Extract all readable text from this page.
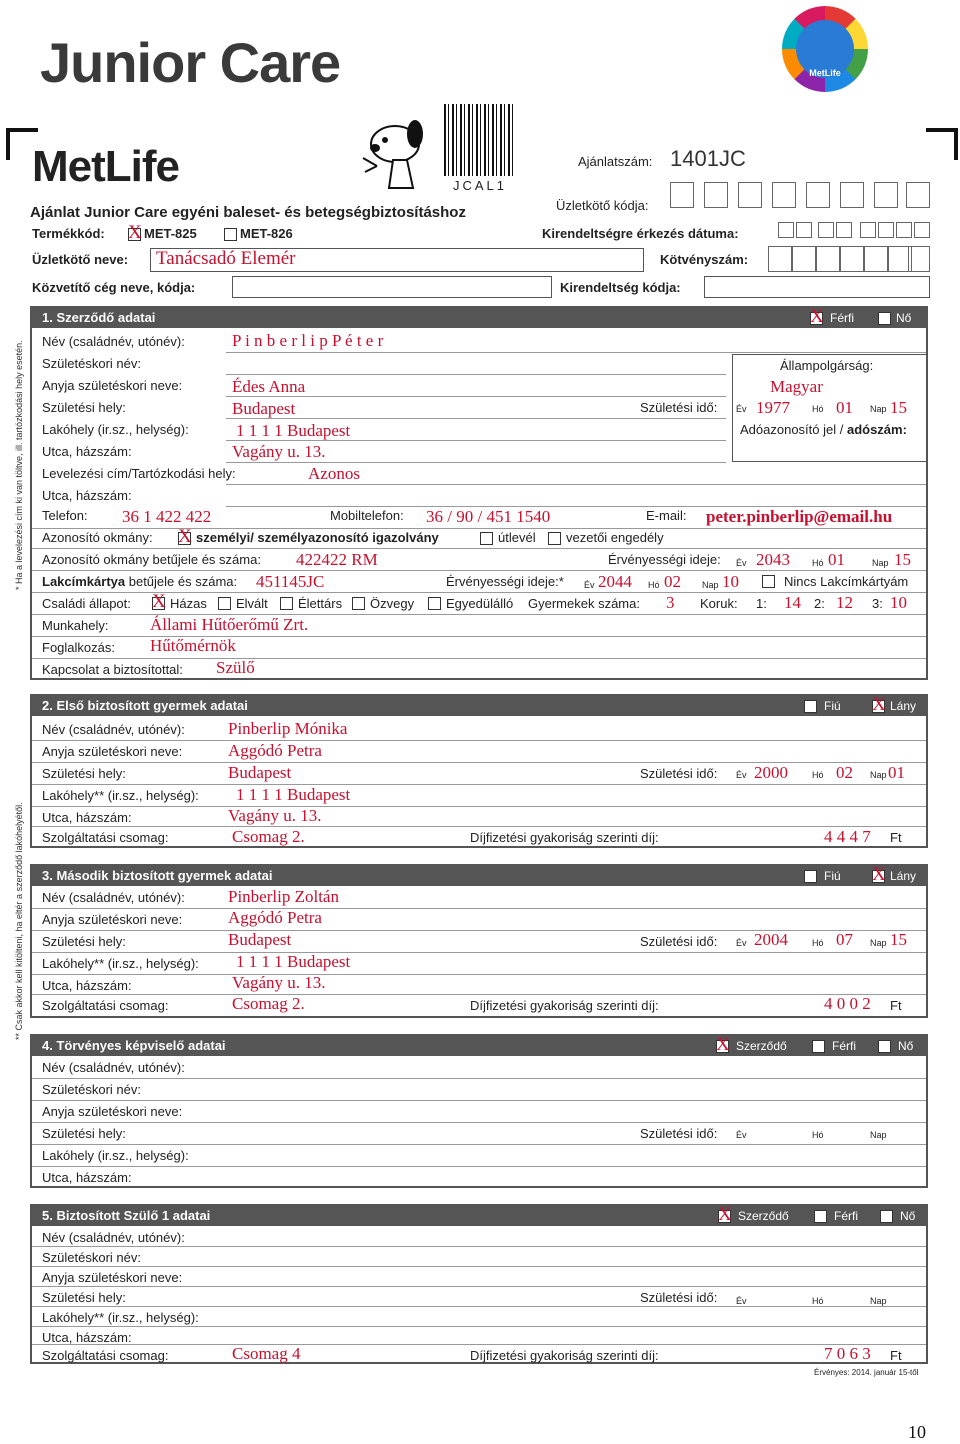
Junior Care	MetLife
MetLife	JCAL1
Ajánlatszám: 1401JC
Ajánlat Junior Care egyéni baleset- és betegségbiztosításhoz	Üzletkötő kódja:
Termékkód: X MET-825	MET-826	Kirendeltségre érkezés dátuma:
Üzletkötő neve: Tanácsadó Elemér	Kötvényszám:
Közvetítő cég neve, kódja:	Kirendeltség kódja:
* Ha a levelezési cím ki van töltve, ill. tartózkodási hely esetén.
** Csak akkor kell kitölteni, ha eltér a szerződő lakóhelyétől.
1. Szerződő adatai	X Férfi	Nő
Név (családnév, utónév):	P i n b e r l i p P é t e r
Születéskori név:
Anyja születéskori neve:	Édes Anna
Születési hely:	Budapest
Lakóhely (ir.sz., helység):	1 1 1 1 Budapest
Utca, házszám:	Vagány u. 13.
Levelezési cím/Tartózkodási hely:	Azonos
Utca, házszám:
Állampolgárság:
Magyar
Születési idő: Év 1977 Hó 01 Nap 15
Adóazonosító jel / adószám:
Telefon: 36 1 422 422	Mobiltelefon: 36 / 90 / 451 1540	E-mail: peter.pinberlip@email.hu
Azonosító okmány: X személyi/ személyazonosító igazolvány	útlevél vezetői engedély
Azonosító okmány betűjele és száma: 422422 RM	Érvényességi ideje: Év 2043 Hó 01	Nap 15
Lakcímkártya betűjele és száma: 451145JC	Érvényességi ideje:* Év 2044 Hó 02 Nap 10	Nincs Lakcímkártyám
Családi állapot: X Házas Elvált Élettárs Özvegy Egyedülálló Gyermekek száma: 3 Koruk: 1: 14 2: 12 3: 10
Munkahely: Állami Hűtőerőmű Zrt.
Foglalkozás: Hűtőmérnök
Kapcsolat a biztosítottal: Szülő
2. Első biztosított gyermek adatai	Fiú X Lány
Név (családnév, utónév):	Pinberlip Mónika
Anyja születéskori neve:	Aggódó Petra
Születési hely:	Budapest	Születési idő: Év 2000	Hó 02 Nap 01
Lakóhely** (ir.sz., helység): 1 1 1 1 Budapest
Utca, házszám:	Vagány u. 13.
Szolgáltatási csomag:	Csomag 2.	Díjfizetési gyakoriság szerinti díj:	4 4 4 7 Ft
3. Második biztosított gyermek adatai	Fiú X Lány
Név (családnév, utónév):	Pinberlip Zoltán
Anyja születéskori neve:	Aggódó Petra
Születési hely:	Budapest	Születési idő: Év 2004	Hó 07 Nap 15
Lakóhely** (ir.sz., helység): 1 1 1 1 Budapest
Utca, házszám:	Vagány u. 13.
Szolgáltatási csomag:	Csomag 2.	Díjfizetési gyakoriság szerinti díj:	4 0 0 2 Ft
4. Törvényes képviselő adatai	X Szerződő	Férfi	Nő
Név (családnév, utónév):
Születéskori név:
Anyja születéskori neve:
Születési hely:	Születési idő: Év	Hó	Nap
Lakóhely (ir.sz., helység):
Utca, házszám:
5. Biztosított Szülő 1 adatai	X Szerződő	Férfi	Nő
Név (családnév, utónév):
Születéskori név:
Anyja születéskori neve:
Születési hely:	Születési idő: Év	Hó	Nap
Lakóhely** (ir.sz., helység):
Utca, házszám:
Szolgáltatási csomag:	Csomag 4	Díjfizetési gyakoriság szerinti díj:	7 0 6 3 Ft
Érvényes: 2014. január 15-től
10
